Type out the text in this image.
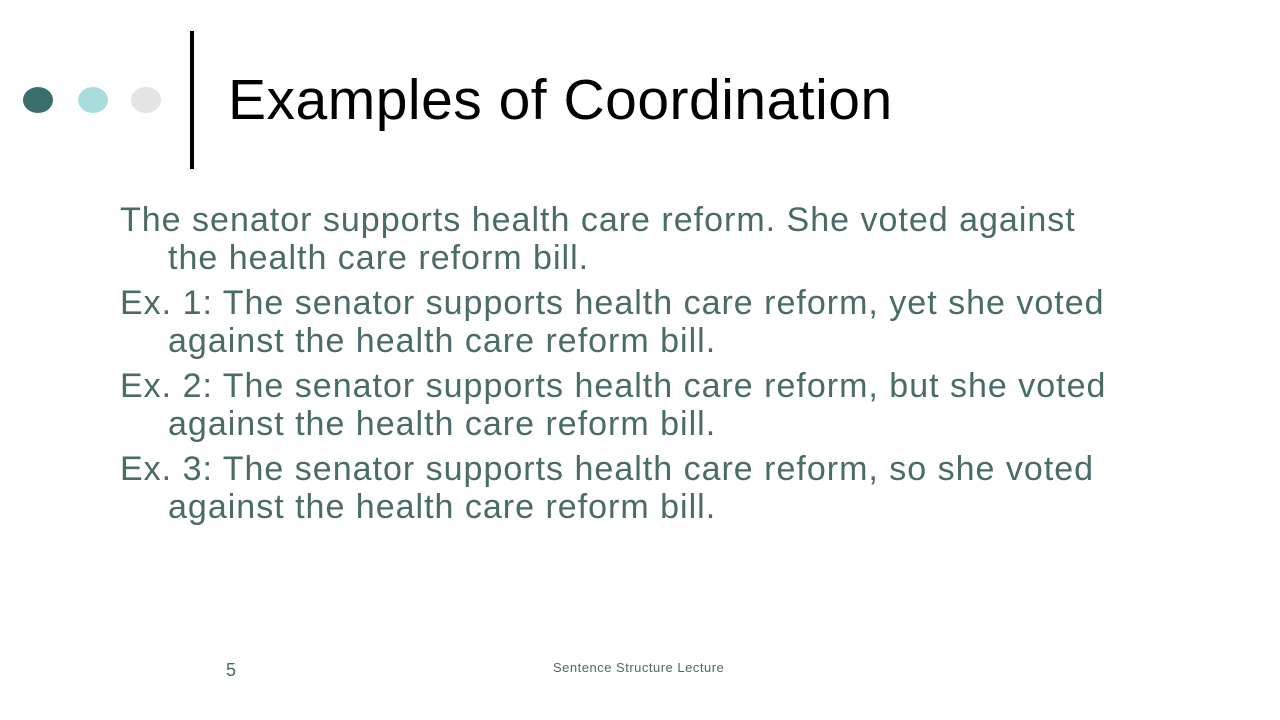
Examples of Coordination

The senator supports health care reform. She voted against the health care reform bill.

Ex. 1: The senator supports health care reform, yet she voted against the health care reform bill.

Ex. 2: The senator supports health care reform, but she voted against the health care reform bill.

Ex. 3: The senator supports health care reform, so she voted against the health care reform bill.

5	Sentence Structure Lecture
